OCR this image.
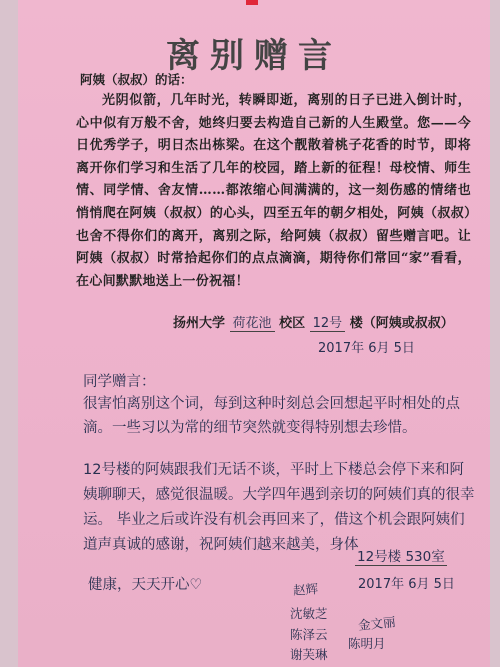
离别赠言
阿姨（叔叔）的话：
光阴似箭，几年时光，转瞬即逝，离别的日子已进入倒计时，心中似有万般不舍，她终归要去构造自己新的人生殿堂。您——今日优秀学子，明日杰出栋梁。在这个靓散着桃子花香的时节，即将离开你们学习和生活了几年的校园，踏上新的征程！母校情、师生情、同学情、舍友情……都浓缩心间满满的，这一刻伤感的情绪也悄悄爬在阿姨（叔叔）的心头，四至五年的朝夕相处，阿姨（叔叔）也舍不得你们的离开，离别之际，给阿姨（叔叔）留些赠言吧。让阿姨（叔叔）时常拾起你们的点点滴滴，期待你们常回“家”看看，在心间默默地送上一份祝福！
扬州大学 荷花池 校区 12号 楼（阿姨或叔叔）
2017年 6月 5日
同学赠言：
很害怕离别这个词，每到这种时刻总会回想起平时相处的点滴。一些习以为常的细节突然就变得特别想去珍惜。
12号楼的阿姨跟我们无话不谈，平时上下楼总会停下来和阿姨聊聊天，感觉很温暖。大学四年遇到亲切的阿姨们真的很幸运。 毕业之后或许没有机会再回来了，借这个机会跟阿姨们道声真诚的感谢，祝阿姨们越来越美，身体
12号楼 530室
健康，天天开心♡	2017年 6月 5日
赵辉
沈敏芝
金文丽
陈泽云
陈明月
谢芙琳
